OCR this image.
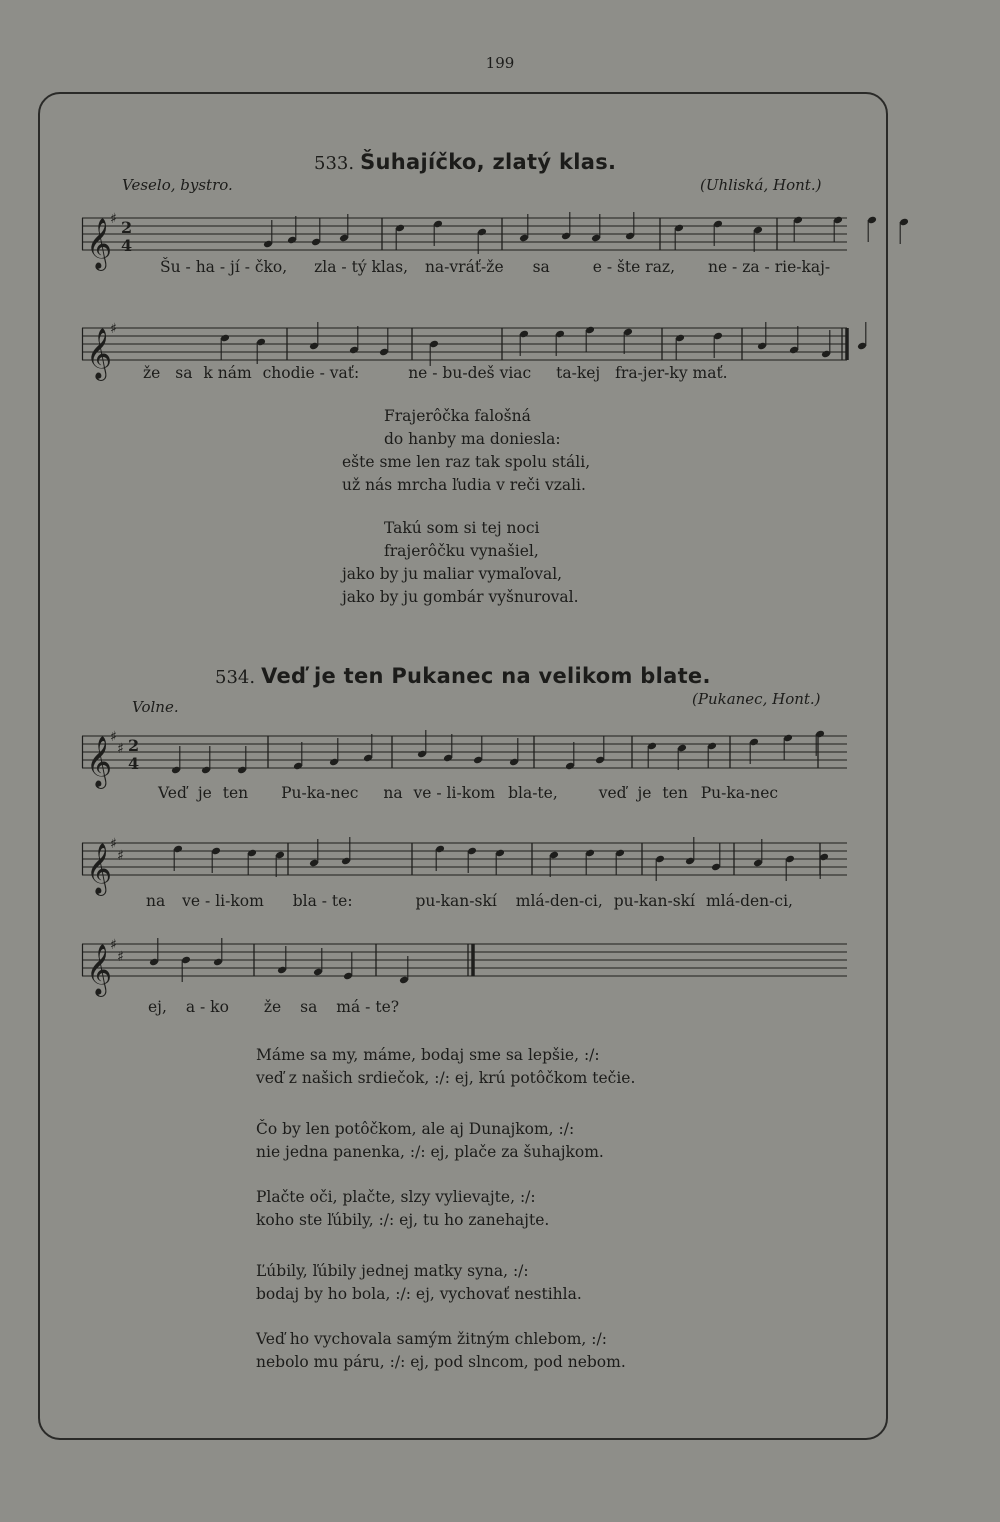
199
533. Šuhajíčko, zlatý klas.
Veselo, bystro.	(Uhliská, Hont.)
𝄞
♯ 2
4
Šu - ha - jí - čko, zla - tý klas, na-vráť-že sa	e - šte raz, ne - za - rie-kaj-
𝄞
♯
že sa k nám chodie - vať:	ne - bu-deš viac ta-kej fra-jer-ky mať.
Frajerôčka falošná
do hanby ma doniesla:
ešte sme len raz tak spolu stáli,
už nás mrcha ľudia v reči vzali.
Takú som si tej noci
frajerôčku vynašiel,
jako by ju maliar vymaľoval,
jako by ju gombár vyšnuroval.
534. Veď je ten Pukanec na velikom blate.
Volne.	(Pukanec, Hont.)
𝄞
♯
♯ 2
4
Veď je ten Pu-ka-nec na ve - li-kom bla-te,	veď je ten Pu-ka-nec
𝄞
♯
♯
na ve - li-kom bla - te:	pu-kan-skí mlá-den-ci, pu-kan-skí mlá-den-ci,
𝄞
♯
♯
ej, a - ko že sa má - te?
Máme sa my, máme, bodaj sme sa lepšie, :/:
veď z našich srdiečok, :/: ej, krú potôčkom tečie.
Čo by len potôčkom, ale aj Dunajkom, :/:
nie jedna panenka, :/: ej, plače za šuhajkom.
Plačte oči, plačte, slzy vylievajte, :/:
koho ste ľúbily, :/: ej, tu ho zanehajte.
Ľúbily, ľúbily jednej matky syna, :/:
bodaj by ho bola, :/: ej, vychovať nestihla.
Veď ho vychovala samým žitným chlebom, :/:
nebolo mu páru, :/: ej, pod slncom, pod nebom.
